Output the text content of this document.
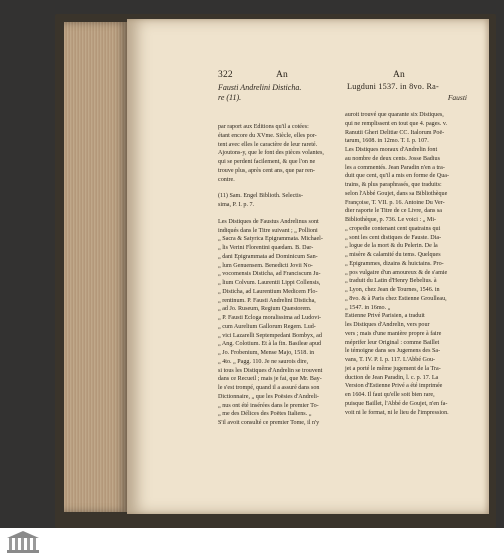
322	An	An
Lugduni 1537. in 8vo. Ra-

Fausti Andrelini Disticha.

re (11).

par raport aux Editions qu'il a cotées:

étant encore du XVme. Siècle, elles por-

tent avec elles le caractère de leur rareté.

Ajoutons-y, que le font des pièces volantes,

qui se perdent facilement, & que l'on ne

trouve plus, après cent ans, que par ren-

contre.

(11) Sam. Engel Biblioth. Selectis-

sima, P. I. p. 7.

Les Distiques de Faustus Andrelinus sont

indiqués dans le Titre suivant ; „ Pollioni

„ Sacra & Satyrica Epigrammata. Michael-

„ lis Verini Florentini quædam. B. Dar-

„ dani Epigrammata ad Dominicum San-

„ lum Genuensem. Benedicti Jovii No-

„ vocomensis Disticha, ad Franciscum Ju-

„ lium Colvum. Laurentii Lippi Collensis,

„ Disticha, ad Laurentium Medicem Flo-

„ rentinum. P. Fausti Andrelini Disticha,

„ ad Jo. Ruseum, Regium Quæstorem.

„ P. Fausti Ecloga moralissima ad Ludovi-

„ cum Aurelium Gallorum Regem. Lud-

„ vici Lazarelli Septempedani Bombyx, ad

„ Ang. Colotium. Et à la fin. Basileæ apud

„ Jo. Frobenium, Mense Majo, 1518. in

„ 4to. „ Pagg. 110. Je ne saurois dire,

si tous les Distiques d'Andrelin se trouvent

dans ce Recueil ; mais je fai, que Mr. Bay-

le s'est trompé, quand il a assuré dans son

Dictionnaire, „ que les Poësies d'Andreli-

„ nus ont été insérées dans le premier To-

„ me des Délices des Poëtes Italiens. „

S'il avoit consulté ce premier Tome, il n'y

Fausti

auroit trouvé que quarante six Distiques,

qui ne remplissent en tout que 4. pages. v.

Ranutii Gheri Delitiæ CC. Italorum Poë-

tarum, 1608. in 12mo. T. I. p. 107.

Les Distiques moraux d'Andrelin font

au nombre de deux cents. Josse Badius

les a commentés. Jean Paradin n'en a tra-

duit que cent, qu'il a mis en forme de Qua-

trains, & plus paraphrasés, que traduits:

selon l'Abbé Goujet, dans sa Bibliothèque

Françoise, T. VII. p. 16. Antoine Du Ver-

dier raporte le Titre de ce Livre, dans sa

Bibliothèque, p. 736. Le voici : „ Mi-

„ cropedie contenant cent quatrains qui

„ sont les cent distiques de Fauste. Dia-

„ logue de la mort & du Pelerin. De la

„ misère & calamité du tems. Quelques

„ Epigrammes, dizains & huictains. Pro-

„ pos vulgaire d'un amoureux & de s'amie

„ traduit du Latin d'Henry Bebelius. à

„ Lyon, chez Jean de Tournes, 1546. in

„ 8vo. & à Paris chez Estienne Groulleau,

„ 1547. in 16mo. „

Estienne Privé Parisien, a traduit

les Distiques d'Andrelin, vers pour

vers ; mais d'une manière propre à faire

méprifer leur Original : comme Baillet

le témoigne dans ses Jugemens des Sa-

vans, T. IV. P. I. p. 117. L'Abbé Gou-

jet a porté le même jugement de la Tra-

duction de Jean Paradin, l. c. p. 17. La

Version d'Estienne Privé a été imprimée

en 1604. Il faut qu'elle soit bien rare,

puisque Baillet, l'Abbé de Goujet, n'en fa-

voit ni le format, ni le lieu de l'impression.
